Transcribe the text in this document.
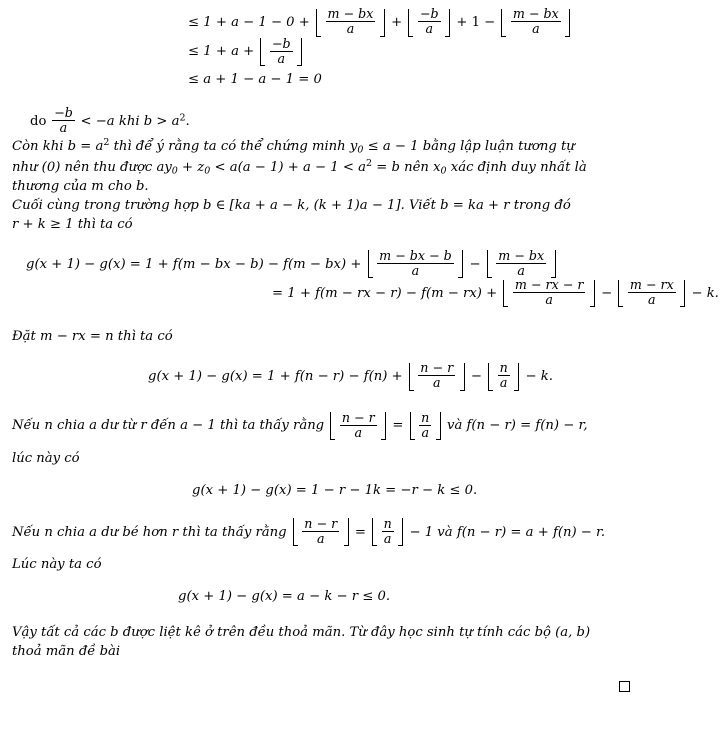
≤ $1 + a - 1 - 0 + \frac{m - bx}{a} + \frac{-b}{a} + 1 - \frac{m - bx}{a}$
≤ $1 + a + \frac{-b}{a}$
≤ a + 1 − a − 1 = 0
do $\frac{-b}{a} < -a$ khi $b > a^2$.
Còn khi $b = a^2$ thì để ý rằng ta có thể chứng minh $y_0 \le a - 1$ bằng lập luận tương tự
như (0) nên thu được $ay_0 + z_0 < a(a - 1) + a - 1 < a^2 = b$ nên $x_0$ xác định duy nhất là
thương của m cho b.
Cuối cùng trong trường hợp b ∈ [ka + a − k, (k + 1)a − 1]. Viết b = ka + r trong đó
r + k ≥ 1 thì ta có
g(x + 1) − g(x) = 1 + f(m − bx − $b) - f(m - bx) + \frac{m - bx - b}{a} - \frac{m - bx}{a}$
= 1 + f(m − rx − $r) - f(m - rx) + \frac{m - rx - r}{a} - \frac{m - rx}{a} - k$.
Đặt m − rx = n thì ta có
$g(x + 1) - g(x) = 1 + f(n - r) - f(n) + \frac{n - r}{a} - \frac{n}{a} - k$.
Nếu n chia a dư từ r đến a − 1 thì ta thấy rằng $\frac{n - r}{a} = \frac{n}{a}$ và f(n − r) = f(n) − r,
lúc này có
g(x + 1) − g(x) = 1 − r − 1k = −r − k ≤ 0.
Nếu n chia a dư bé hơn r thì ta thấy rằng $\frac{n - r}{a} = \frac{n}{a} - 1$ và f(n − r) = a + f(n) − r.
Lúc này ta có
g(x + 1) − g(x) = a − k − r ≤ 0.
Vậy tất cả các b được liệt kê ở trên đều thoả mãn. Từ đây học sinh tự tính các bộ (a, b)
thoả mãn đề bài
